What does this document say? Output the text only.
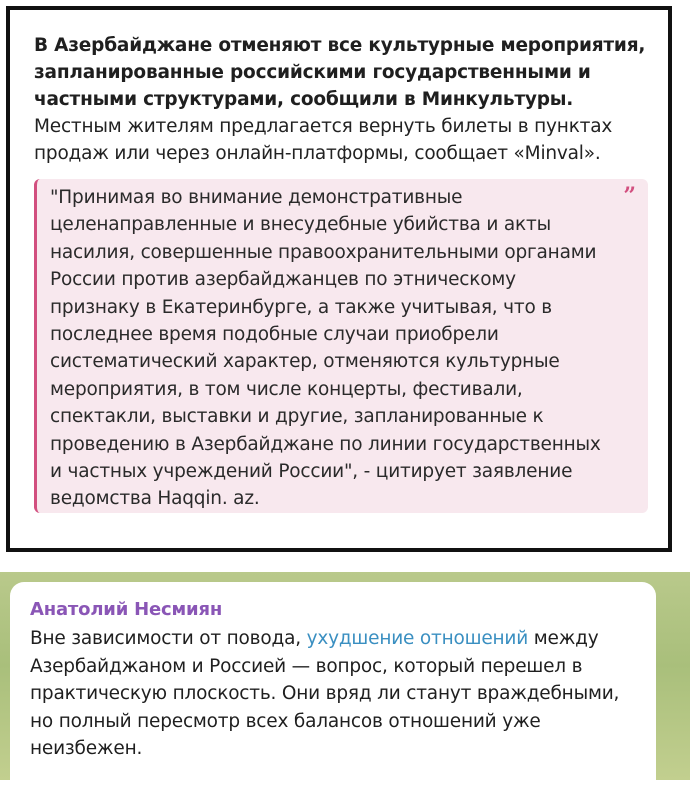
В Азербайджане отменяют все культурные мероприятия, запланированные российскими государственными и частными структурами, сообщили в Минкультуры.
Местным жителям предлагается вернуть билеты в пунктах продаж или через онлайн-платформы, сообщает «Minval».
"Принимая во внимание демонстративные целенаправленные и внесудебные убийства и акты насилия, совершенные правоохранительными органами России против азербайджанцев по этническому признаку в Екатеринбурге, а также учитывая, что в последнее время подобные случаи приобрели систематический характер, отменяются культурные мероприятия, в том числе концерты, фестивали, спектакли, выставки и другие, запланированные к проведению в Азербайджане по линии государственных и частных учреждений России", - цитирует заявление ведомства Haqqin. az.
”
Анатолий Несмиян
Вне зависимости от повода, ухудшение отношений между Азербайджаном и Россией — вопрос, который перешел в практическую плоскость. Они вряд ли станут враждебными, но полный пересмотр всех балансов отношений уже неизбежен.
